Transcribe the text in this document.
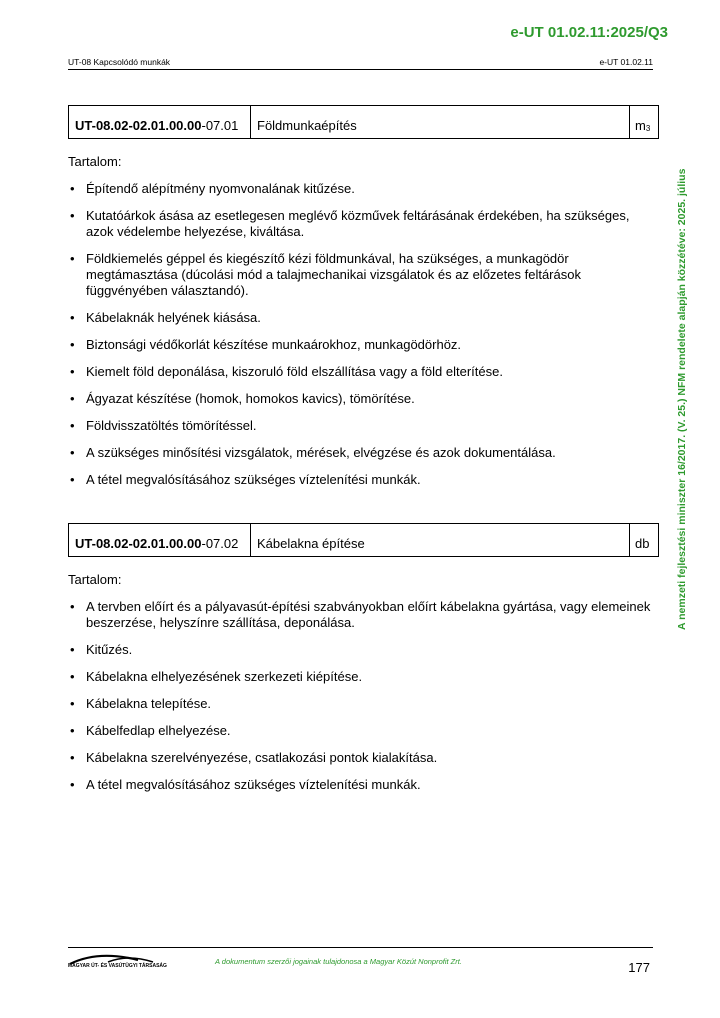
e-UT 01.02.11:2025/Q3
UT-08 Kapcsolódó munkák	e-UT 01.02.11
A nemzeti fejlesztési miniszter 16/2017. (V. 25.) NFM rendelete alapján közzétéve: 2025. július
UT-08.02-02.01.00.00 -07.01	Földmunkaépítés	$m_3$
Tartalom:
• Építendő alépítmény nyomvonalának kitűzése.
• Kutatóárkok ásása az esetlegesen meglévő közművek feltárásának érdekében, ha szükséges, azok védelembe helyezése, kiváltása.
• Földkiemelés géppel és kiegészítő kézi földmunkával, ha szükséges, a munkagödör megtámasztása (dúcolási mód a talajmechanikai vizsgálatok és az előzetes feltárások függvényében választandó).
• Kábelaknák helyének kiásása.
• Biztonsági védőkorlát készítése munkaárokhoz, munkagödörhöz.
• Kiemelt föld deponálása, kiszoruló föld elszállítása vagy a föld elterítése.
• Ágyazat készítése (homok, homokos kavics), tömörítése.
• Földvisszatöltés tömörítéssel.
• A szükséges minősítési vizsgálatok, mérések, elvégzése és azok dokumentálása.
• A tétel megvalósításához szükséges víztelenítési munkák.
UT-08.02-02.01.00.00 -07.02	Kábelakna építése	db
Tartalom:
• A tervben előírt és a pályavasút-építési szabványokban előírt kábelakna gyártása, vagy elemeinek beszerzése, helyszínre szállítása, deponálása.
• Kitűzés.
• Kábelakna elhelyezésének szerkezeti kiépítése.
• Kábelakna telepítése.
• Kábelfedlap elhelyezése.
• Kábelakna szerelvényezése, csatlakozási pontok kialakítása.
• A tétel megvalósításához szükséges víztelenítési munkák.
MAGYAR ÚT- ÉS VASÚTÜGYI TÁRSASÁG	A dokumentum szerzői jogainak tulajdonosa a Magyar Közút Nonprofit Zrt.	177
